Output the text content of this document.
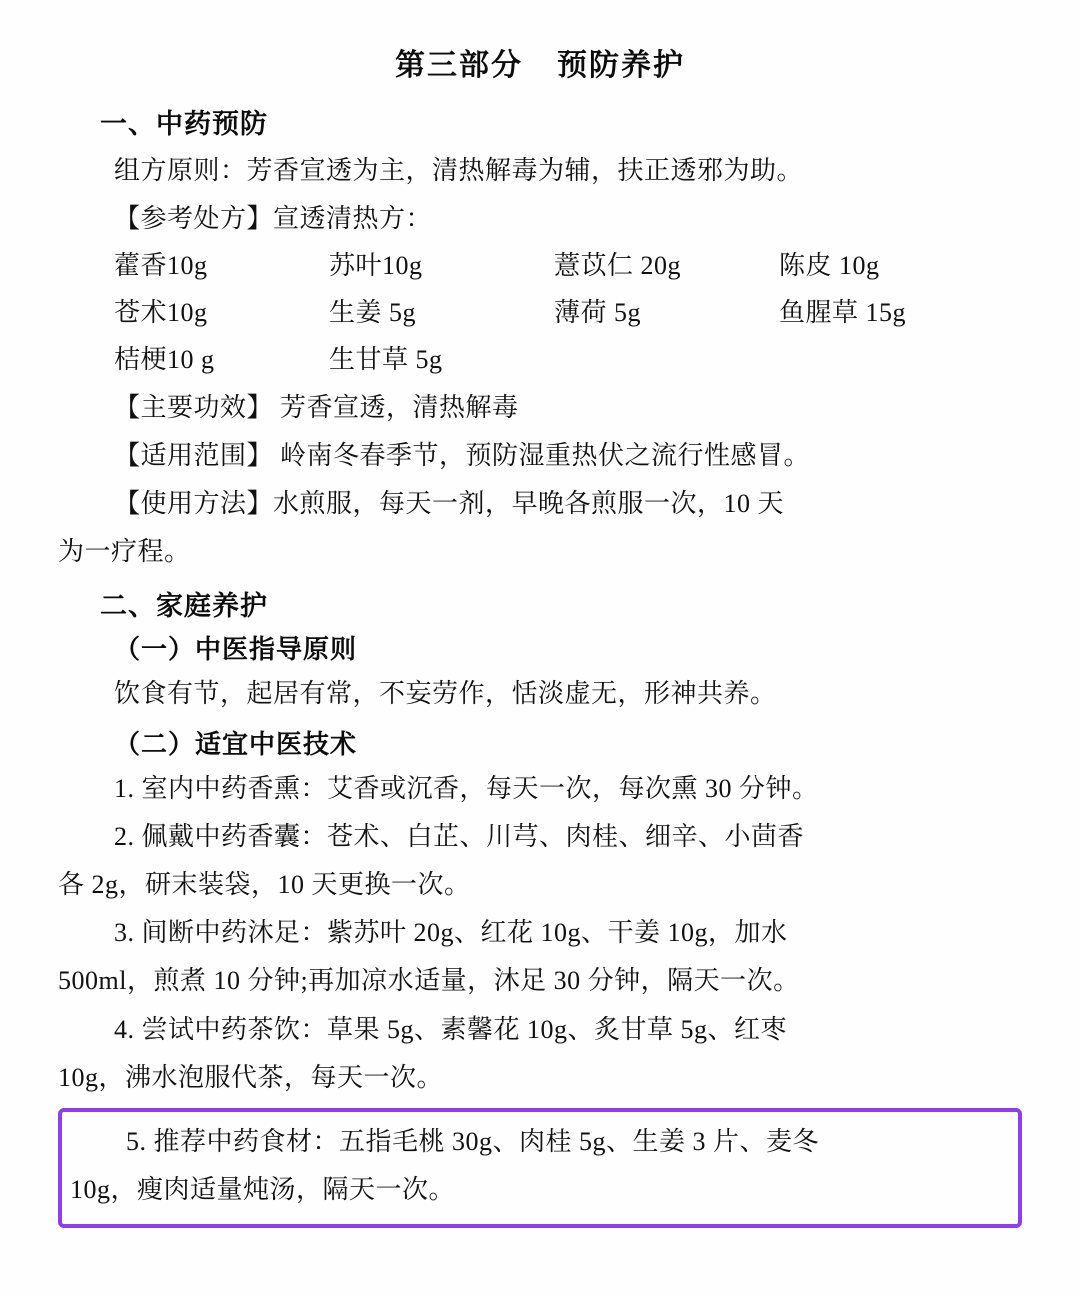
第三部分 预防养护
一、中药预防
组方原则：芳香宣透为主，清热解毒为辅，扶正透邪为助。
【参考处方】宣透清热方：
藿香10g	苏叶10g	薏苡仁 20g	陈皮 10g
苍术10g	生姜 5g	薄荷 5g	鱼腥草 15g
桔梗10 g	生甘草 5g
【主要功效】 芳香宣透，清热解毒
【适用范围】 岭南冬春季节，预防湿重热伏之流行性感冒。
【使用方法】水煎服，每天一剂，早晚各煎服一次，10 天
为一疗程。
二、家庭养护
（一）中医指导原则
饮食有节，起居有常，不妄劳作，恬淡虚无，形神共养。
（二）适宜中医技术
1. 室内中药香熏：艾香或沉香，每天一次，每次熏 30 分钟。
2. 佩戴中药香囊：苍术、白芷、川芎、肉桂、细辛、小茴香
各 2g，研末装袋，10 天更换一次。
3. 间断中药沐足：紫苏叶 20g、红花 10g、干姜 10g，加水
500ml，煎煮 10 分钟;再加凉水适量，沐足 30 分钟，隔天一次。
4. 尝试中药茶饮：草果 5g、素馨花 10g、炙甘草 5g、红枣
10g，沸水泡服代茶，每天一次。
5. 推荐中药食材：五指毛桃 30g、肉桂 5g、生姜 3 片、麦冬
10g，瘦肉适量炖汤，隔天一次。
